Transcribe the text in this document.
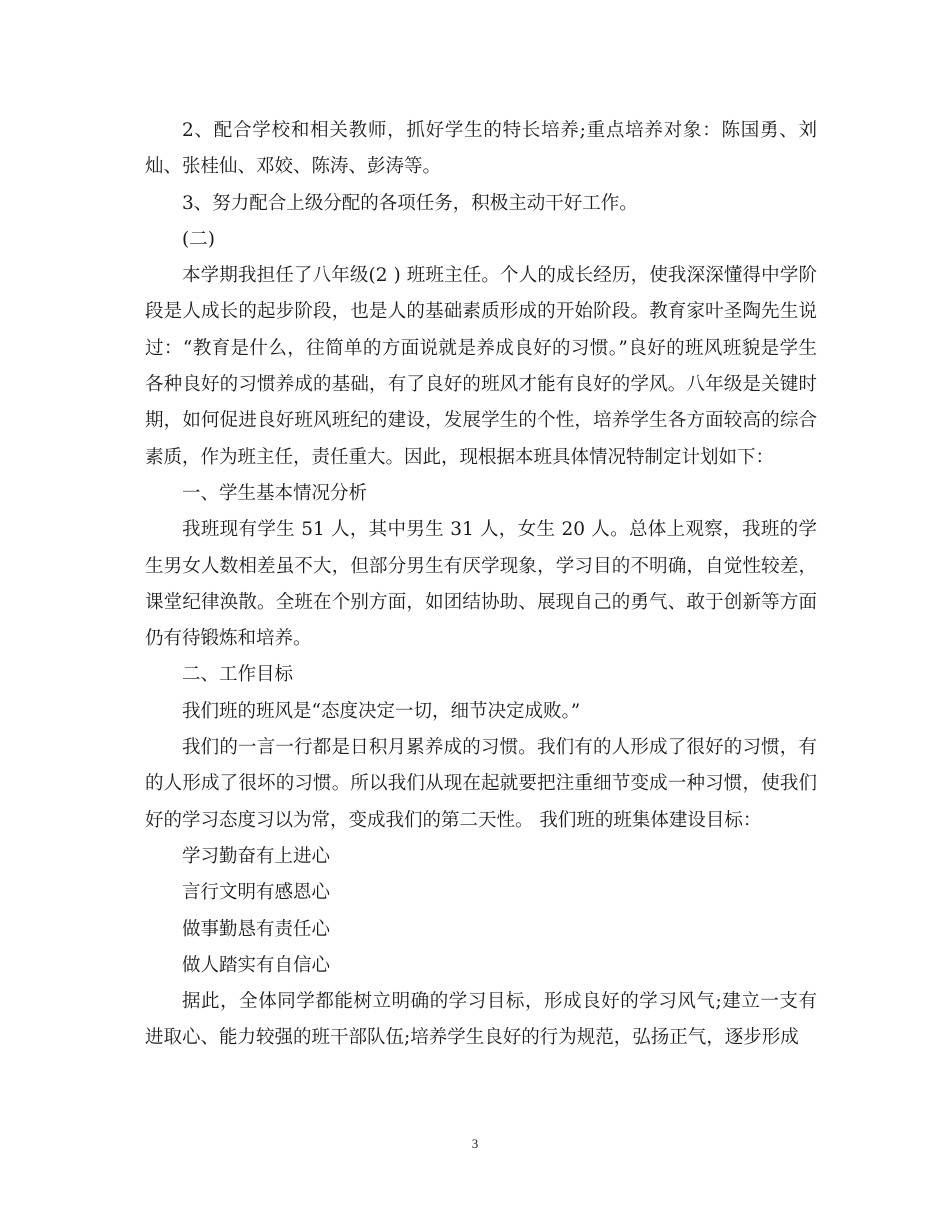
2、配合学校和相关教师，抓好学生的特长培养;重点培养对象：陈国勇、刘灿、张桂仙、邓姣、陈涛、彭涛等。

3、努力配合上级分配的各项任务，积极主动干好工作。

(二)

本学期我担任了八年级(2 ) 班班主任。个人的成长经历，使我深深懂得中学阶段是人成长的起步阶段，也是人的基础素质形成的开始阶段。教育家叶圣陶先生说过：“教育是什么，往简单的方面说就是养成良好的习惯。”良好的班风班貌是学生各种良好的习惯养成的基础，有了良好的班风才能有良好的学风。八年级是关键时期，如何促进良好班风班纪的建设，发展学生的个性，培养学生各方面较高的综合素质，作为班主任，责任重大。因此，现根据本班具体情况特制定计划如下：

一、学生基本情况分析

我班现有学生 51 人，其中男生 31 人，女生 20 人。总体上观察，我班的学生男女人数相差虽不大，但部分男生有厌学现象，学习目的不明确，自觉性较差，课堂纪律涣散。全班在个别方面，如团结协助、展现自己的勇气、敢于创新等方面仍有待锻炼和培养。

二、工作目标

我们班的班风是“态度决定一切，细节决定成败。”

我们的一言一行都是日积月累养成的习惯。我们有的人形成了很好的习惯，有的人形成了很坏的习惯。所以我们从现在起就要把注重细节变成一种习惯，使我们好的学习态度习以为常，变成我们的第二天性。 我们班的班集体建设目标：

学习勤奋有上进心

言行文明有感恩心

做事勤恳有责任心

做人踏实有自信心

据此，全体同学都能树立明确的学习目标，形成良好的学习风气;建立一支有进取心、能力较强的班干部队伍;培养学生良好的行为规范，弘扬正气，逐步形成

3
